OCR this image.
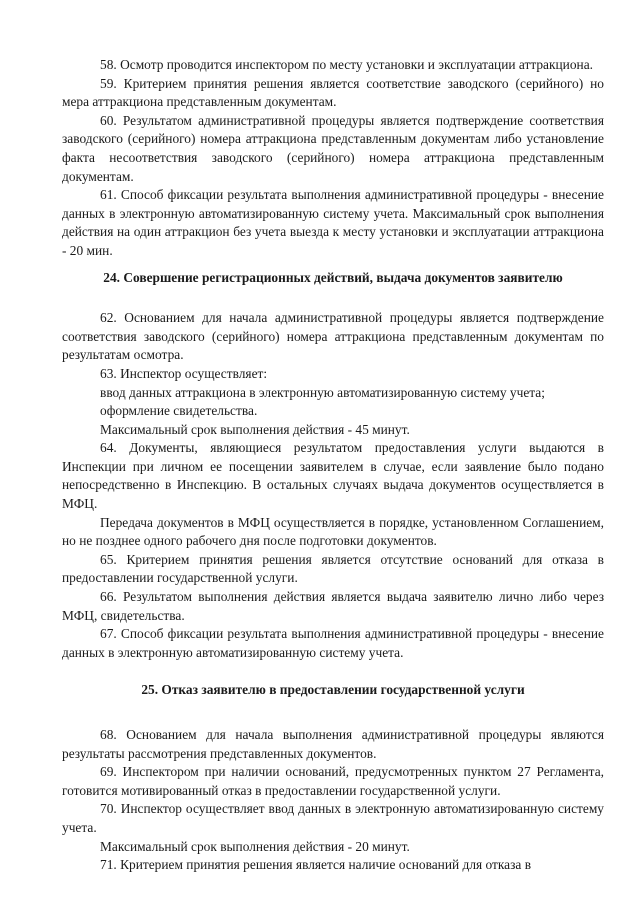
58. Осмотр проводится инспектором по месту установки и эксплуатации аттракциона.

59. Критерием принятия решения является соответствие заводского (серийного) но мера аттракциона представленным документам.

60. Результатом административной процедуры является подтверждение соответствия заводского (серийного) номера аттракциона представленным документам либо установление факта несоответствия заводского (серийного) номера аттракциона представленным документам.

61. Способ фиксации результата выполнения административной процедуры - внесение данных в электронную автоматизированную систему учета. Максимальный срок выполнения действия на один аттракцион без учета выезда к месту установки и эксплуатации аттракциона - 20 мин.

24. Совершение регистрационных действий, выдача документов заявителю

62. Основанием для начала административной процедуры является подтверждение соответствия заводского (серийного) номера аттракциона представленным документам по результатам осмотра.

63. Инспектор осуществляет:

ввод данных аттракциона в электронную автоматизированную систему учета;

оформление свидетельства.

Максимальный срок выполнения действия - 45 минут.

64. Документы, являющиеся результатом предоставления услуги выдаются в Инспекции при личном ее посещении заявителем в случае, если заявление было подано непосредственно в Инспекцию. В остальных случаях выдача документов осуществляется в МФЦ.

Передача документов в МФЦ осуществляется в порядке, установленном Соглашением, но не позднее одного рабочего дня после подготовки документов.

65. Критерием принятия решения является отсутствие оснований для отказа в предоставлении государственной услуги.

66. Результатом выполнения действия является выдача заявителю лично либо через МФЦ, свидетельства.

67. Способ фиксации результата выполнения административной процедуры - внесение данных в электронную автоматизированную систему учета.

25. Отказ заявителю в предоставлении государственной услуги

68. Основанием для начала выполнения административной процедуры являются результаты рассмотрения представленных документов.

69. Инспектором при наличии оснований, предусмотренных пунктом 27 Регламента, готовится мотивированный отказ в предоставлении государственной услуги.

70. Инспектор осуществляет ввод данных в электронную автоматизированную систему учета.

Максимальный срок выполнения действия - 20 минут.

71. Критерием принятия решения является наличие оснований для отказа в
